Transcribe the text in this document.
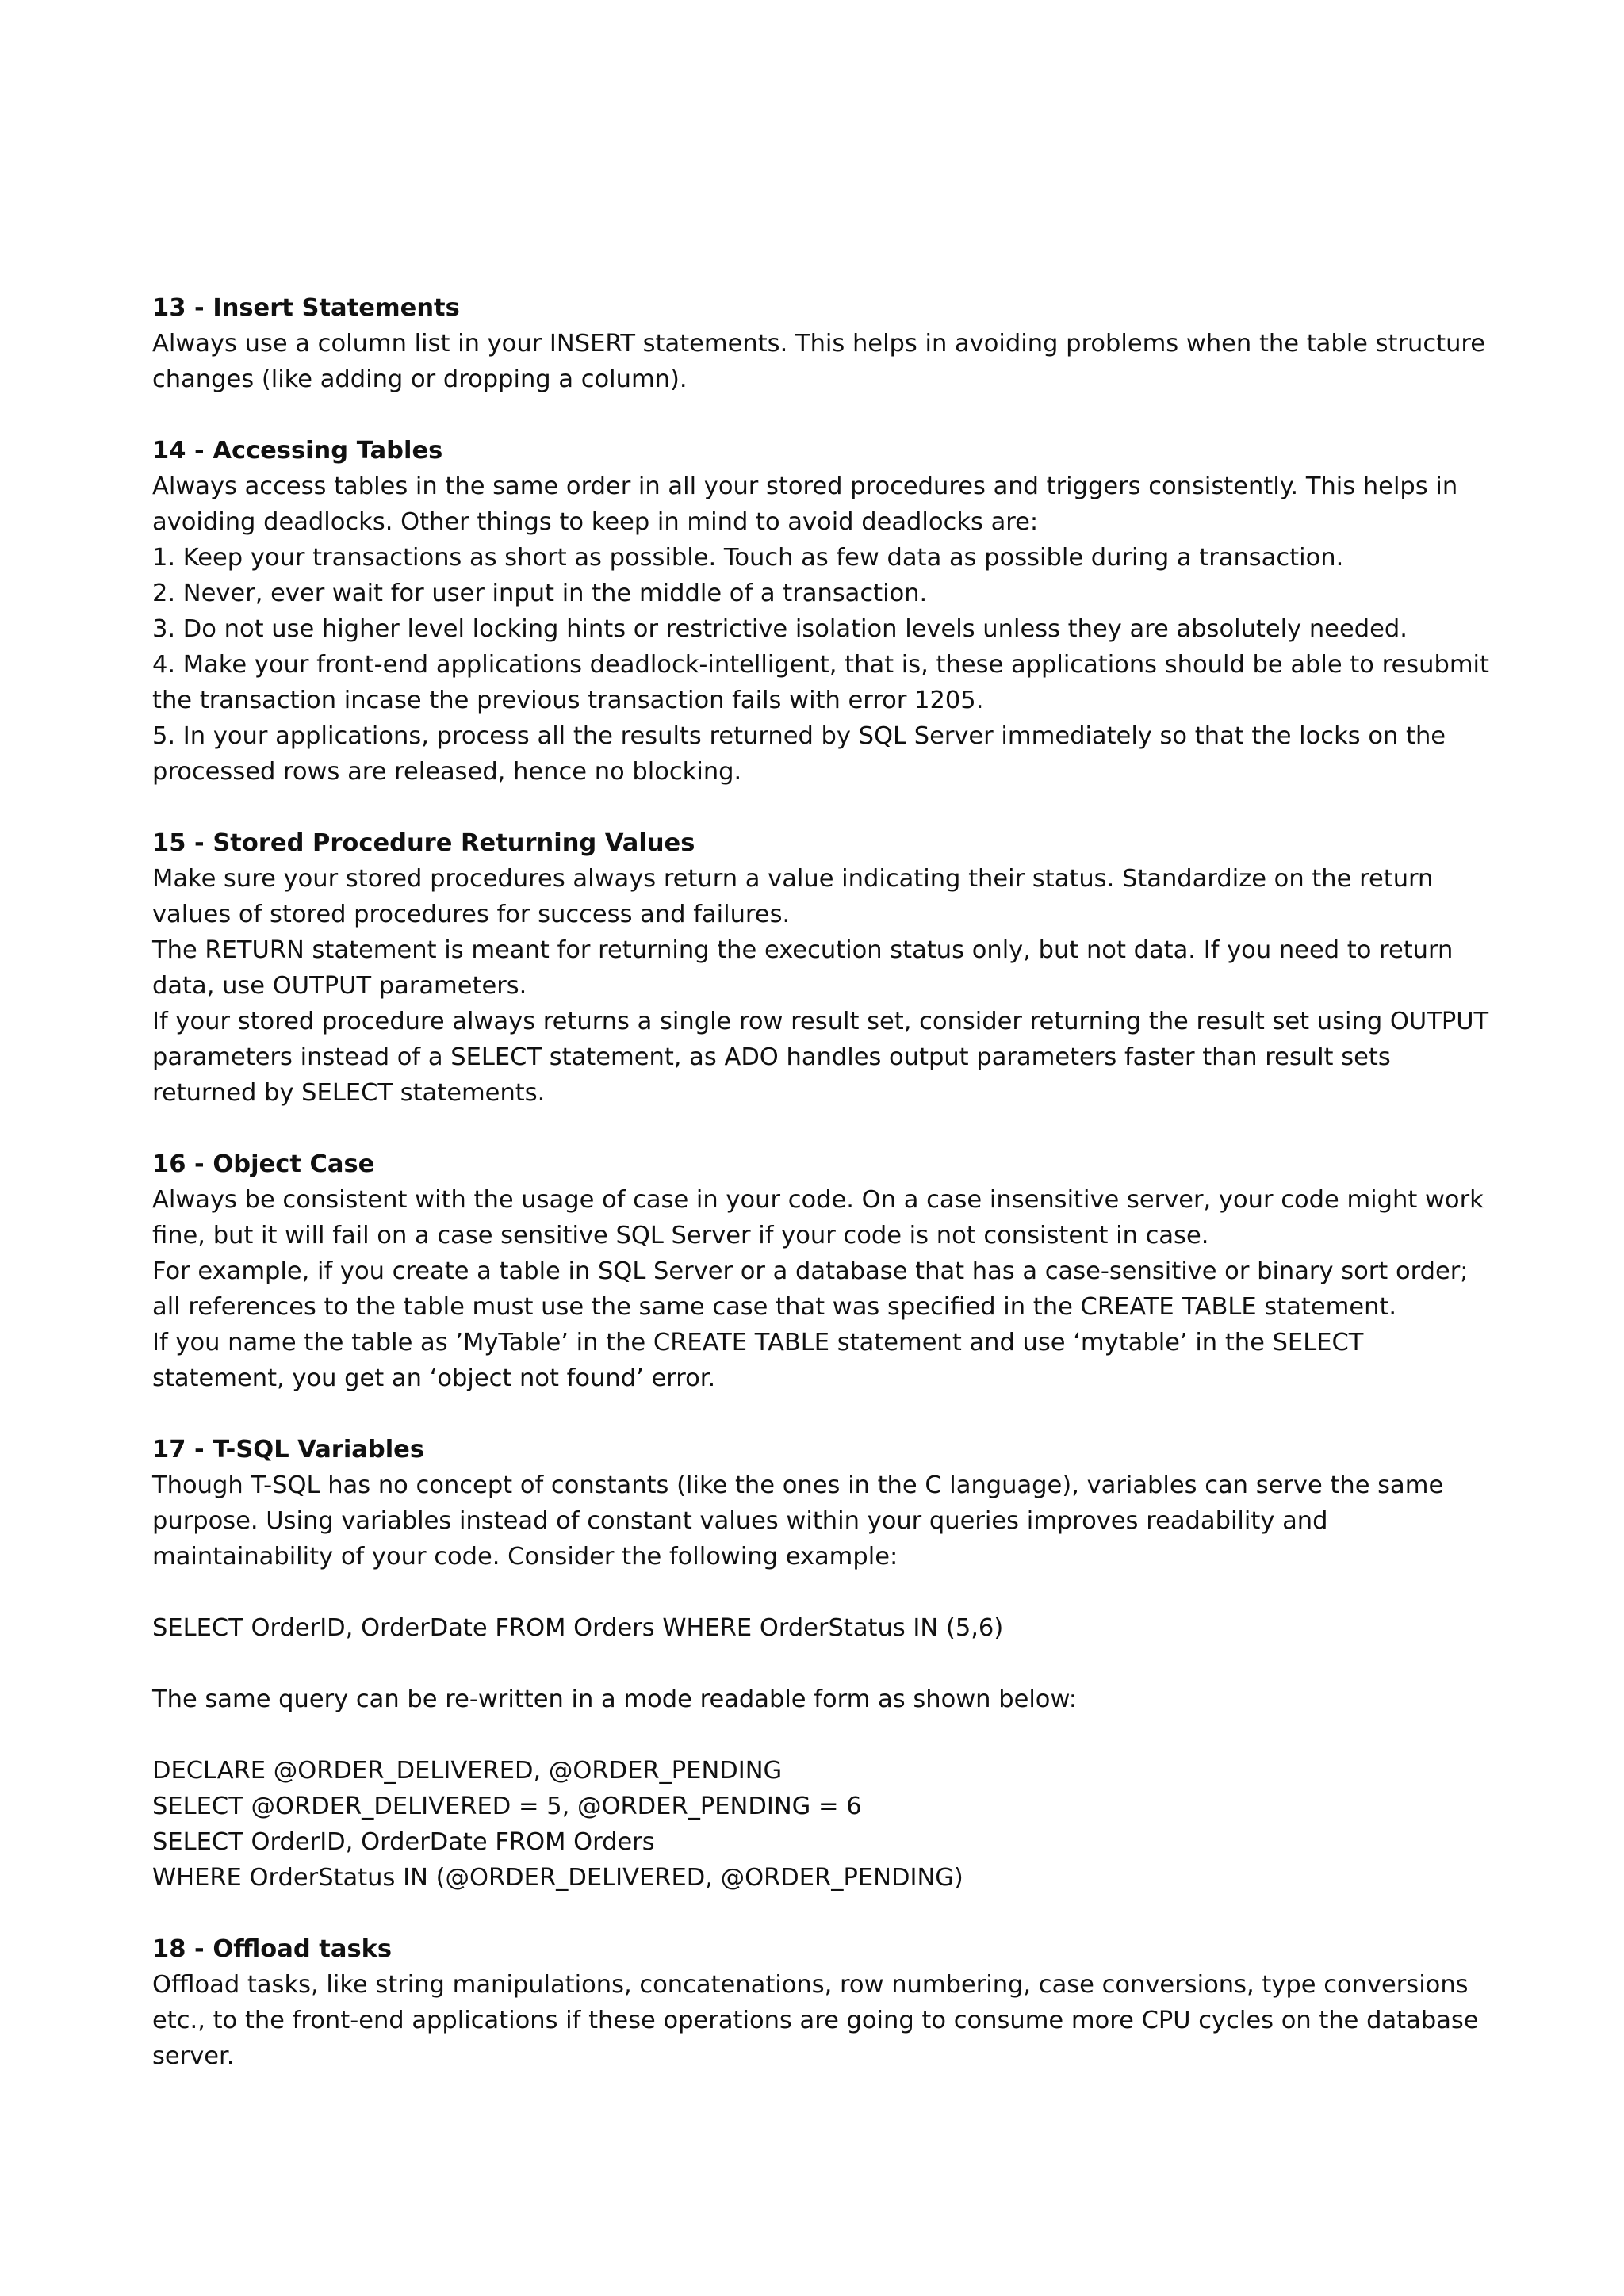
13 - Insert Statements

Always use a column list in your INSERT statements. This helps in avoiding problems when the table structure changes (like adding or dropping a column).

14 - Accessing Tables

Always access tables in the same order in all your stored procedures and triggers consistently. This helps in avoiding deadlocks. Other things to keep in mind to avoid deadlocks are:

1. Keep your transactions as short as possible. Touch as few data as possible during a transaction.

2. Never, ever wait for user input in the middle of a transaction.

3. Do not use higher level locking hints or restrictive isolation levels unless they are absolutely needed.

4. Make your front-end applications deadlock-intelligent, that is, these applications should be able to resubmit the transaction incase the previous transaction fails with error 1205.

5. In your applications, process all the results returned by SQL Server immediately so that the locks on the processed rows are released, hence no blocking.

15 - Stored Procedure Returning Values

Make sure your stored procedures always return a value indicating their status. Standardize on the return values of stored procedures for success and failures.

The RETURN statement is meant for returning the execution status only, but not data. If you need to return data, use OUTPUT parameters.

If your stored procedure always returns a single row result set, consider returning the result set using OUTPUT parameters instead of a SELECT statement, as ADO handles output parameters faster than result sets returned by SELECT statements.

16 - Object Case

Always be consistent with the usage of case in your code. On a case insensitive server, your code might work fine, but it will fail on a case sensitive SQL Server if your code is not consistent in case.

For example, if you create a table in SQL Server or a database that has a case-sensitive or binary sort order; all references to the table must use the same case that was specified in the CREATE TABLE statement.

If you name the table as ’MyTable’ in the CREATE TABLE statement and use ‘mytable’ in the SELECT statement, you get an ‘object not found’ error.

17 - T-SQL Variables

Though T-SQL has no concept of constants (like the ones in the C language), variables can serve the same purpose. Using variables instead of constant values within your queries improves readability and maintainability of your code. Consider the following example:

SELECT OrderID, OrderDate FROM Orders WHERE OrderStatus IN (5,6)

The same query can be re-written in a mode readable form as shown below:

DECLARE @ORDER_DELIVERED, @ORDER_PENDING

SELECT @ORDER_DELIVERED = 5, @ORDER_PENDING = 6

SELECT OrderID, OrderDate FROM Orders

WHERE OrderStatus IN (@ORDER_DELIVERED, @ORDER_PENDING)

18 - Offload tasks

Offload tasks, like string manipulations, concatenations, row numbering, case conversions, type conversions etc., to the front-end applications if these operations are going to consume more CPU cycles on the database server.
